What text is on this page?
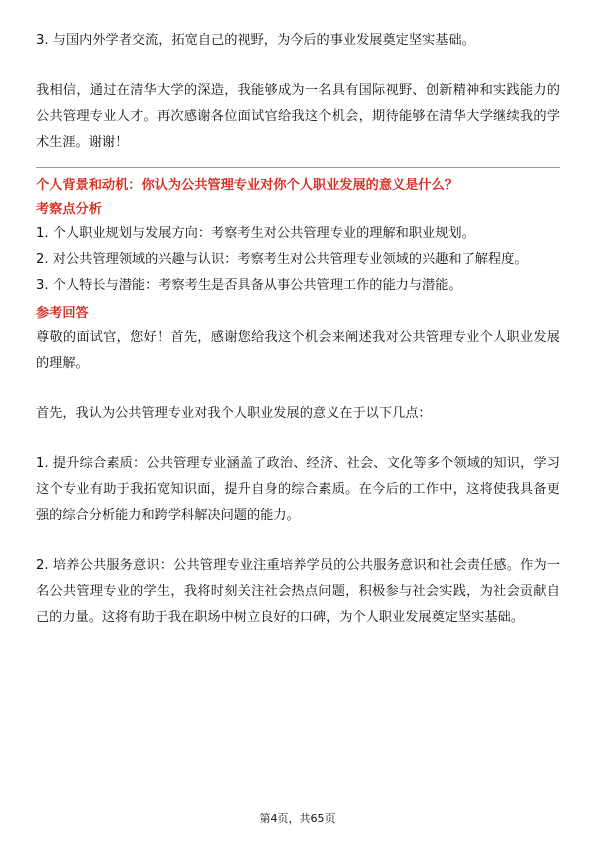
3. 与国内外学者交流，拓宽自己的视野，为今后的事业发展奠定坚实基础。

我相信，通过在清华大学的深造，我能够成为一名具有国际视野、创新精神和实践能力的公共管理专业人才。再次感谢各位面试官给我这个机会，期待能够在清华大学继续我的学术生涯。谢谢！

个人背景和动机：你认为公共管理专业对你个人职业发展的意义是什么？

考察点分析

1. 个人职业规划与发展方向：考察考生对公共管理专业的理解和职业规划。

2. 对公共管理领域的兴趣与认识：考察考生对公共管理专业领域的兴趣和了解程度。

3. 个人特长与潜能：考察考生是否具备从事公共管理工作的能力与潜能。

参考回答

尊敬的面试官，您好！首先，感谢您给我这个机会来阐述我对公共管理专业个人职业发展的理解。

首先，我认为公共管理专业对我个人职业发展的意义在于以下几点：

1. 提升综合素质：公共管理专业涵盖了政治、经济、社会、文化等多个领域的知识，学习这个专业有助于我拓宽知识面，提升自身的综合素质。在今后的工作中，这将使我具备更强的综合分析能力和跨学科解决问题的能力。

2. 培养公共服务意识：公共管理专业注重培养学员的公共服务意识和社会责任感。作为一名公共管理专业的学生，我将时刻关注社会热点问题，积极参与社会实践，为社会贡献自己的力量。这将有助于我在职场中树立良好的口碑，为个人职业发展奠定坚实基础。

第4页，共65页
